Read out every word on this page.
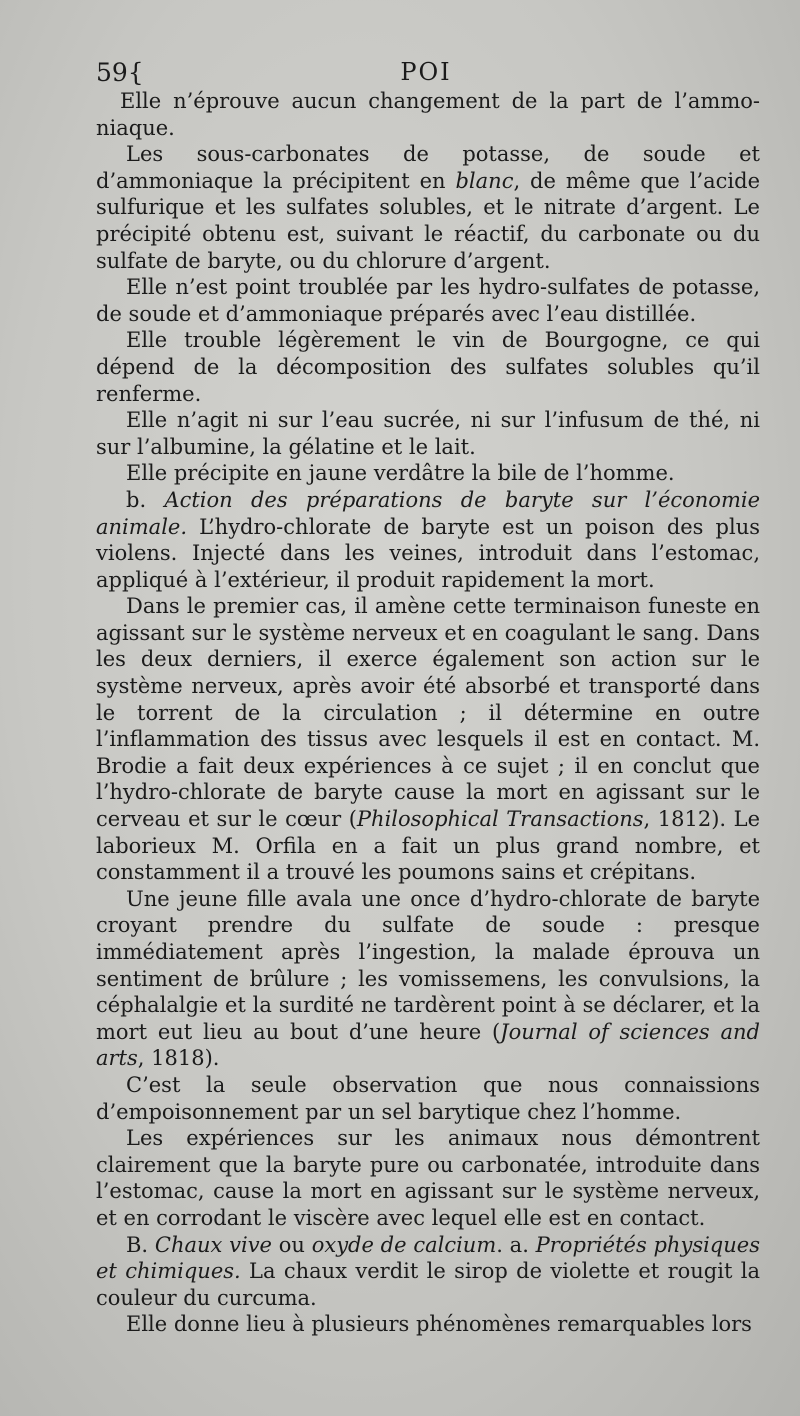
59{	POI

Elle n’éprouve aucun changement de la part de l’ammo-niaque.

Les sous-carbonates de potasse, de soude et d’ammoniaque la précipitent en blanc, de même que l’acide sulfurique et les sulfates solubles, et le nitrate d’argent. Le précipité obtenu est, suivant le réactif, du carbonate ou du sulfate de baryte, ou du chlorure d’argent.

Elle n’est point troublée par les hydro-sulfates de potasse, de soude et d’ammoniaque préparés avec l’eau distillée.

Elle trouble légèrement le vin de Bourgogne, ce qui dépend de la décomposition des sulfates solubles qu’il renferme.

Elle n’agit ni sur l’eau sucrée, ni sur l’infusum de thé, ni sur l’albumine, la gélatine et le lait.

Elle précipite en jaune verdâtre la bile de l’homme.

b. Action des préparations de baryte sur l’économie animale. L’hydro-chlorate de baryte est un poison des plus violens. Injecté dans les veines, introduit dans l’estomac, appliqué à l’extérieur, il produit rapidement la mort.

Dans le premier cas, il amène cette terminaison funeste en agissant sur le système nerveux et en coagulant le sang. Dans les deux derniers, il exerce également son action sur le système nerveux, après avoir été absorbé et transporté dans le torrent de la circulation ; il détermine en outre l’inflammation des tissus avec lesquels il est en contact. M. Brodie a fait deux expériences à ce sujet ; il en conclut que l’hydro-chlorate de baryte cause la mort en agissant sur le cerveau et sur le cœur (Philosophical Transactions, 1812). Le laborieux M. Orfila en a fait un plus grand nombre, et constamment il a trouvé les poumons sains et crépitans.

Une jeune fille avala une once d’hydro-chlorate de baryte croyant prendre du sulfate de soude : presque immédiatement après l’ingestion, la malade éprouva un sentiment de brûlure ; les vomissemens, les convulsions, la céphalalgie et la surdité ne tardèrent point à se déclarer, et la mort eut lieu au bout d’une heure (Journal of sciences and arts, 1818).

C’est la seule observation que nous connaissions d’empoisonnement par un sel barytique chez l’homme.

Les expériences sur les animaux nous démontrent clairement que la baryte pure ou carbonatée, introduite dans l’estomac, cause la mort en agissant sur le système nerveux, et en corrodant le viscère avec lequel elle est en contact.

B. Chaux vive ou oxyde de calcium. a. Propriétés physiques et chimiques. La chaux verdit le sirop de violette et rougit la couleur du curcuma.

Elle donne lieu à plusieurs phénomènes remarquables lors
